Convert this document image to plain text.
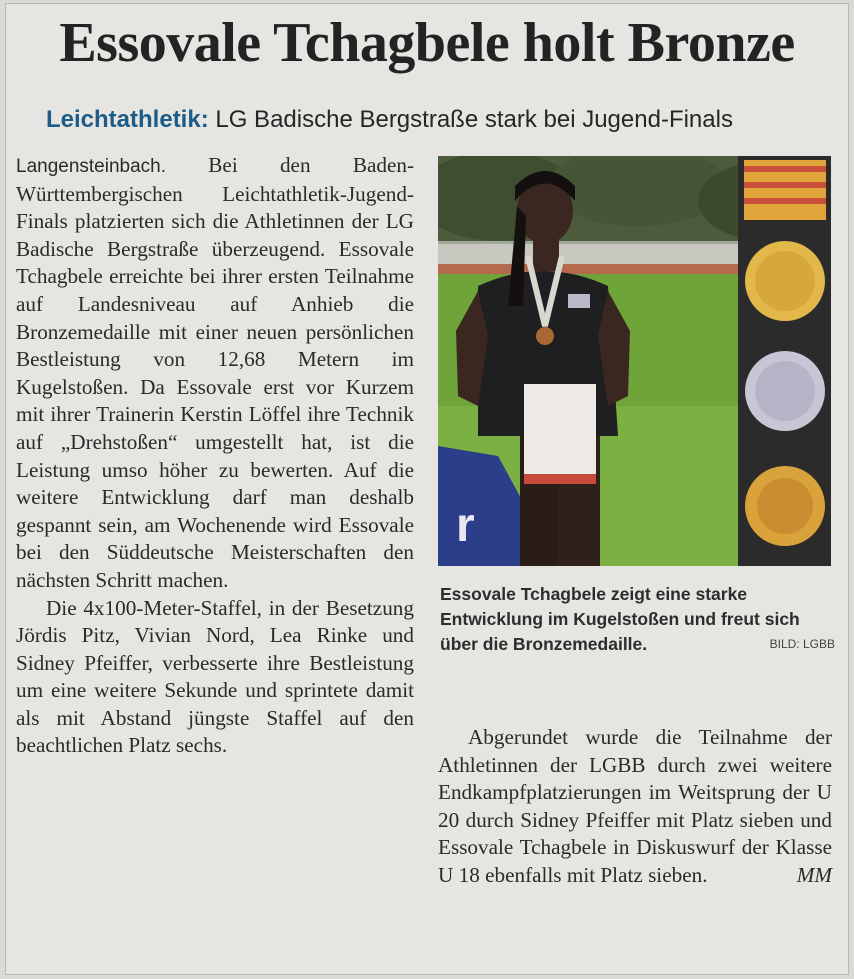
Essovale Tchagbele holt Bronze
Leichtathletik: LG Badische Bergstraße stark bei Jugend-Finals

Langensteinbach. Bei den Baden-Württembergischen Leichtathletik-Jugend-Finals platzierten sich die Athletinnen der LG Badische Bergstraße überzeugend. Essovale Tchagbele erreichte bei ihrer ersten Teilnahme auf Landesniveau auf Anhieb die Bronzemedaille mit einer neuen persönlichen Bestleistung von 12,68 Metern im Kugelstoßen. Da Essovale erst vor Kurzem mit ihrer Trainerin Kerstin Löffel ihre Technik auf „Drehstoßen“ umgestellt hat, ist die Leistung umso höher zu bewerten. Auf die weitere Entwicklung darf man deshalb gespannt sein, am Wochenende wird Essovale bei den Süddeutsche Meisterschaften den nächsten Schritt machen.

Die 4x100-Meter-Staffel, in der Besetzung Jördis Pitz, Vivian Nord, Lea Rinke und Sidney Pfeiffer, verbesserte ihre Bestleistung um eine weitere Sekunde und sprintete damit als mit Abstand jüngste Staffel auf den beachtlichen Platz sechs.

r
Essovale Tchagbele zeigt eine starke Entwicklung im Kugelstoßen und freut sich über die Bronzemedaille.	BILD: LGBB

Abgerundet wurde die Teilnahme der Athletinnen der LGBB durch zwei weitere Endkampfplatzierungen im Weitsprung der U 20 durch Sidney Pfeiffer mit Platz sieben und Essovale Tchagbele in Diskuswurf der Klasse U 18 ebenfalls mit Platz sieben.	MM
